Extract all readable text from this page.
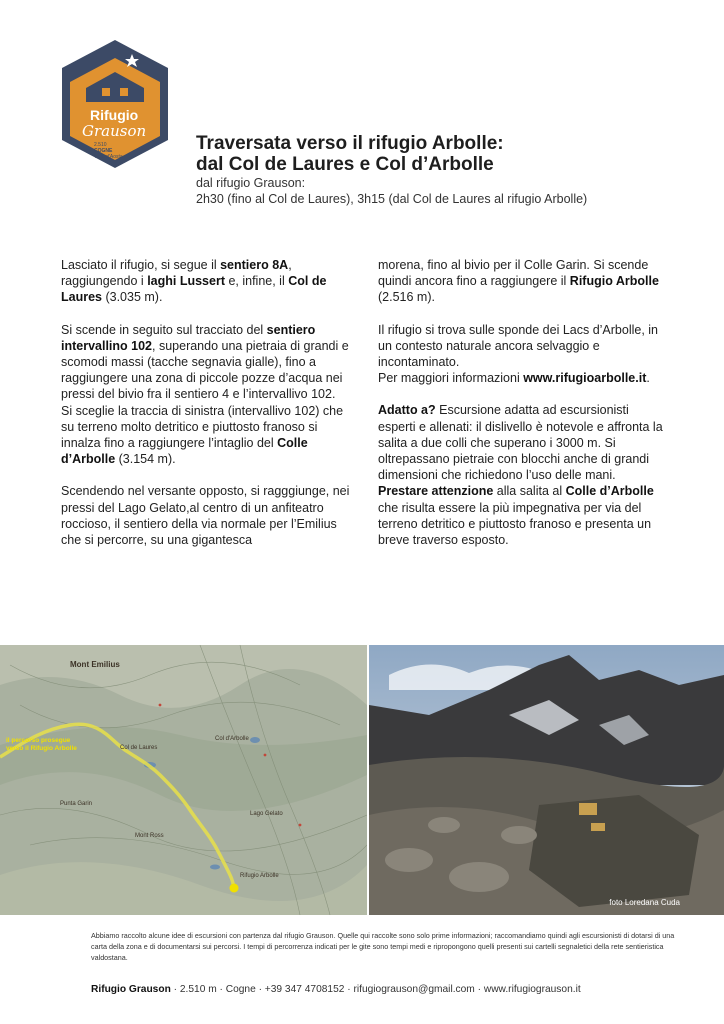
Rifugio
Grauson
2.510
COGNE
Valle d'Aosta
Traversata verso il rifugio Arbolle:
dal Col de Laures e Col d’Arbolle
dal rifugio Grauson:
2h30 (fino al Col de Laures), 3h15 (dal Col de Laures al rifugio Arbolle)

Lasciato il rifugio, si segue il sentiero 8A, raggiungendo i laghi Lussert e, infine, il Col de Laures (3.035 m).

Si scende in seguito sul tracciato del sentiero intervallino 102, superando una pietraia di grandi e scomodi massi (tacche segnavia gialle), fino a raggiungere una zona di piccole pozze d’acqua nei pressi del bivio fra il sentiero 4 e l’intervallivo 102.

Si sceglie la traccia di sinistra (intervallivo 102) che su terreno molto detritico e piuttosto franoso si innalza fino a raggiungere l’intaglio del Colle d’Arbolle (3.154 m).

Scendendo nel versante opposto, si ragggiunge, nei pressi del Lago Gelato,al centro di un anfiteatro roccioso, il sentiero della via normale per l’Emilius che si percorre, su una gigantesca

morena, fino al bivio per il Colle Garin. Si scende quindi ancora fino a raggiungere il Rifugio Arbolle (2.516 m).

Il rifugio si trova sulle sponde dei Lacs d’Arbolle, in un contesto naturale ancora selvaggio e incontaminato.

Per maggiori informazioni www.rifugioarbolle.it.

Adatto a? Escursione adatta ad escursionisti esperti e allenati: il dislivello è notevole e affronta la salita a due colli che superano i 3000 m. Si oltrepassano pietraie con blocchi anche di grandi dimensioni che richiedono l’uso delle mani.

Prestare attenzione alla salita al Colle d’Arbolle che risulta essere la più impegnativa per via del terreno detritico e piuttosto franoso e presenta un breve traverso esposto.

Mont Emilius
Col de Laures
Punta Garin
Col d'Arbolle
Mont Ross
Lago Gelato
Rifugio Arbolle
il percorso prosegue verso il Rifugio Arbolle
foto Loredana Cuda
Abbiamo raccolto alcune idee di escursioni con partenza dal rifugio Grauson. Quelle qui raccolte sono solo prime informazioni; raccomandiamo quindi agli escursionisti di dotarsi di una carta della zona e di documentarsi sui percorsi. I tempi di percorrenza indicati per le gite sono tempi medi e ripropongono quelli presenti sui cartelli segnaletici della rete sentieristica valdostana.
Rifugio Grauson · 2.510 m · Cogne · +39 347 4708152 · rifugiograuson@gmail.com · www.rifugiograuson.it
